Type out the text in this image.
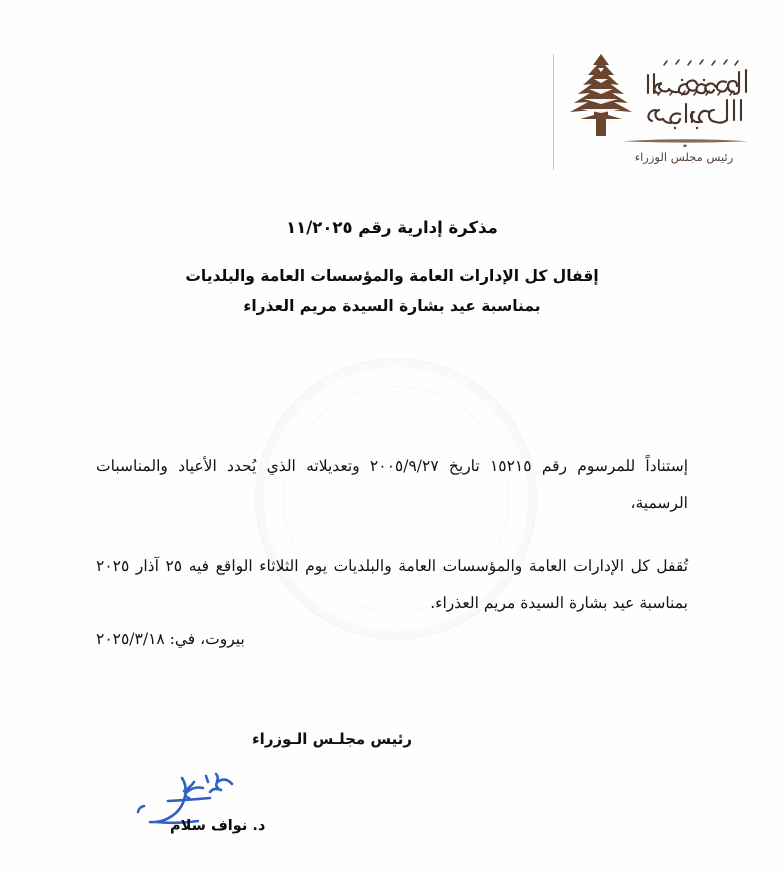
رئيس مجلس الوزراء
مذكرة إدارية رقم ١١/٢٠٢٥
إقفال كل الإدارات العامة والمؤسسات العامة والبلديات
بمناسبة عيد بشارة السيدة مريم العذراء

إستناداً للمرسوم رقم ١٥٢١٥ تاريخ ٢٠٠٥/٩/٢٧ وتعديلاته الذي يُحدد الأعياد والمناسبات الرسمية،

تُقفل كل الإدارات العامة والمؤسسات العامة والبلديات يوم الثلاثاء الواقع فيه ٢٥ آذار ٢٠٢٥ بمناسبة عيد بشارة السيدة مريم العذراء.

بيروت، في: ٢٠٢٥/٣/١٨
رئيس مجلـس الـوزراء
د. نواف سلام
